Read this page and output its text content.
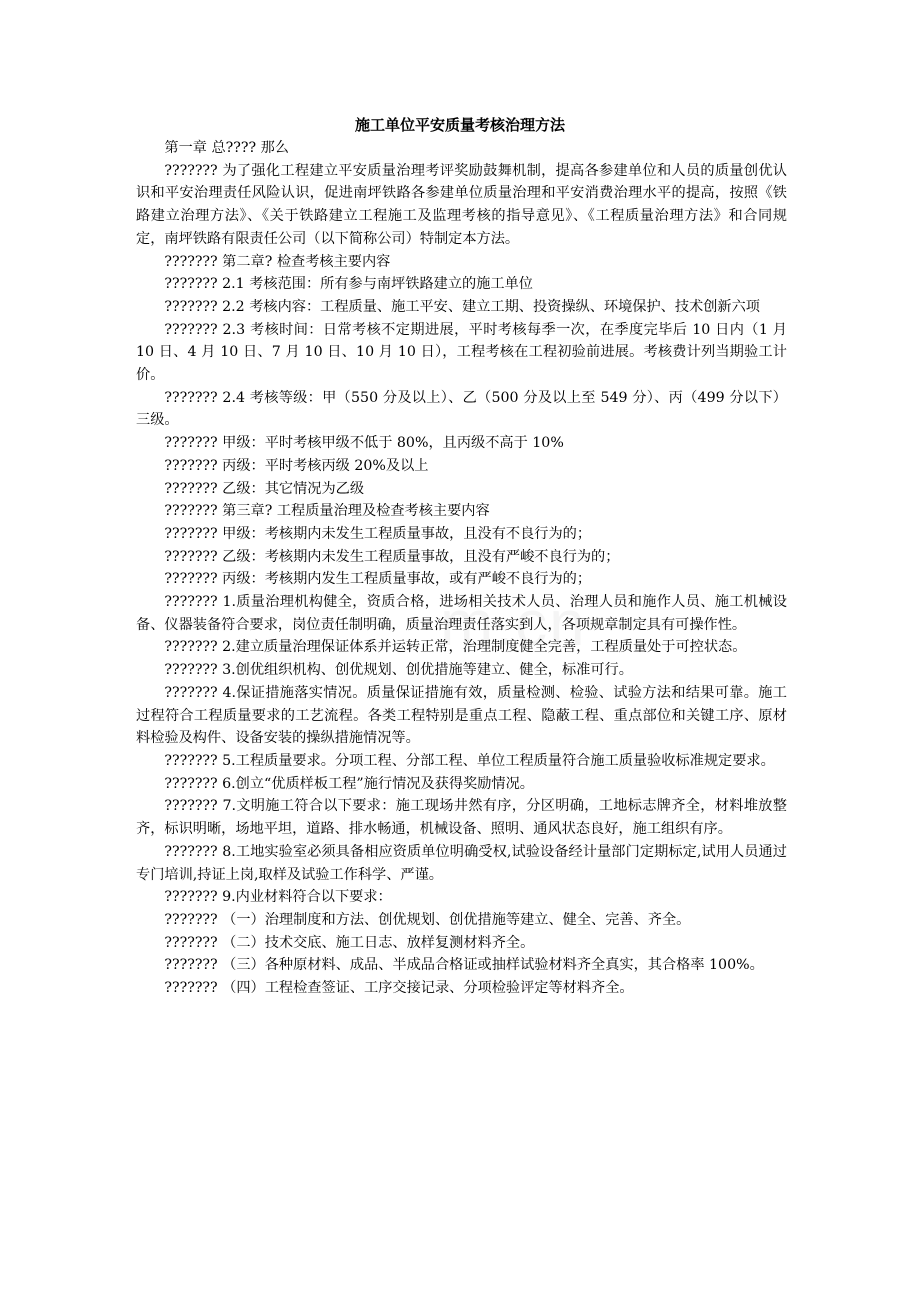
施工单位平安质量考核治理方法
m.cn

第一章 总???? 那么

??????? 为了强化工程建立平安质量治理考评奖励鼓舞机制，提高各参建单位和人员的质量创优认识和平安治理责任风险认识，促进南坪铁路各参建单位质量治理和平安消费治理水平的提高，按照《铁路建立治理方法》、《关于铁路建立工程施工及监理考核的指导意见》、《工程质量治理方法》和合同规定，南坪铁路有限责任公司（以下简称公司）特制定本方法。

??????? 第二章? 检查考核主要内容

??????? 2.1 考核范围：所有参与南坪铁路建立的施工单位

??????? 2.2 考核内容：工程质量、施工平安、建立工期、投资操纵、环境保护、技术创新六项

??????? 2.3 考核时间：日常考核不定期进展，平时考核每季一次，在季度完毕后 10 日内（1 月 10 日、4 月 10 日、7 月 10 日、10 月 10 日），工程考核在工程初验前进展。考核费计列当期验工计价。

??????? 2.4 考核等级：甲（550 分及以上）、乙（500 分及以上至 549 分）、丙（499 分以下）三级。

??????? 甲级：平时考核甲级不低于 80%，且丙级不高于 10%

??????? 丙级：平时考核丙级 20%及以上

??????? 乙级：其它情况为乙级

??????? 第三章? 工程质量治理及检查考核主要内容

??????? 甲级：考核期内未发生工程质量事故，且没有不良行为的；

??????? 乙级：考核期内未发生工程质量事故，且没有严峻不良行为的；

??????? 丙级：考核期内发生工程质量事故，或有严峻不良行为的；

??????? 1.质量治理机构健全，资质合格，进场相关技术人员、治理人员和施作人员、施工机械设备、仪器装备符合要求，岗位责任制明确，质量治理责任落实到人，各项规章制定具有可操作性。

??????? 2.建立质量治理保证体系并运转正常，治理制度健全完善，工程质量处于可控状态。

??????? 3.创优组织机构、创优规划、创优措施等建立、健全，标准可行。

??????? 4.保证措施落实情况。质量保证措施有效，质量检测、检验、试验方法和结果可靠。施工过程符合工程质量要求的工艺流程。各类工程特别是重点工程、隐蔽工程、重点部位和关键工序、原材料检验及构件、设备安装的操纵措施情况等。

??????? 5.工程质量要求。分项工程、分部工程、单位工程质量符合施工质量验收标准规定要求。

??????? 6.创立“优质样板工程”施行情况及获得奖励情况。

??????? 7.文明施工符合以下要求：施工现场井然有序，分区明确，工地标志牌齐全，材料堆放整齐，标识明晰，场地平坦，道路、排水畅通，机械设备、照明、通风状态良好，施工组织有序。

??????? 8.工地实验室必须具备相应资质单位明确受权,试验设备经计量部门定期标定,试用人员通过专门培训,持证上岗,取样及试验工作科学、严谨。

??????? 9.内业材料符合以下要求：

??????? （一）治理制度和方法、创优规划、创优措施等建立、健全、完善、齐全。

??????? （二）技术交底、施工日志、放样复测材料齐全。

??????? （三）各种原材料、成品、半成品合格证或抽样试验材料齐全真实，其合格率 100%。

??????? （四）工程检查签证、工序交接记录、分项检验评定等材料齐全。
